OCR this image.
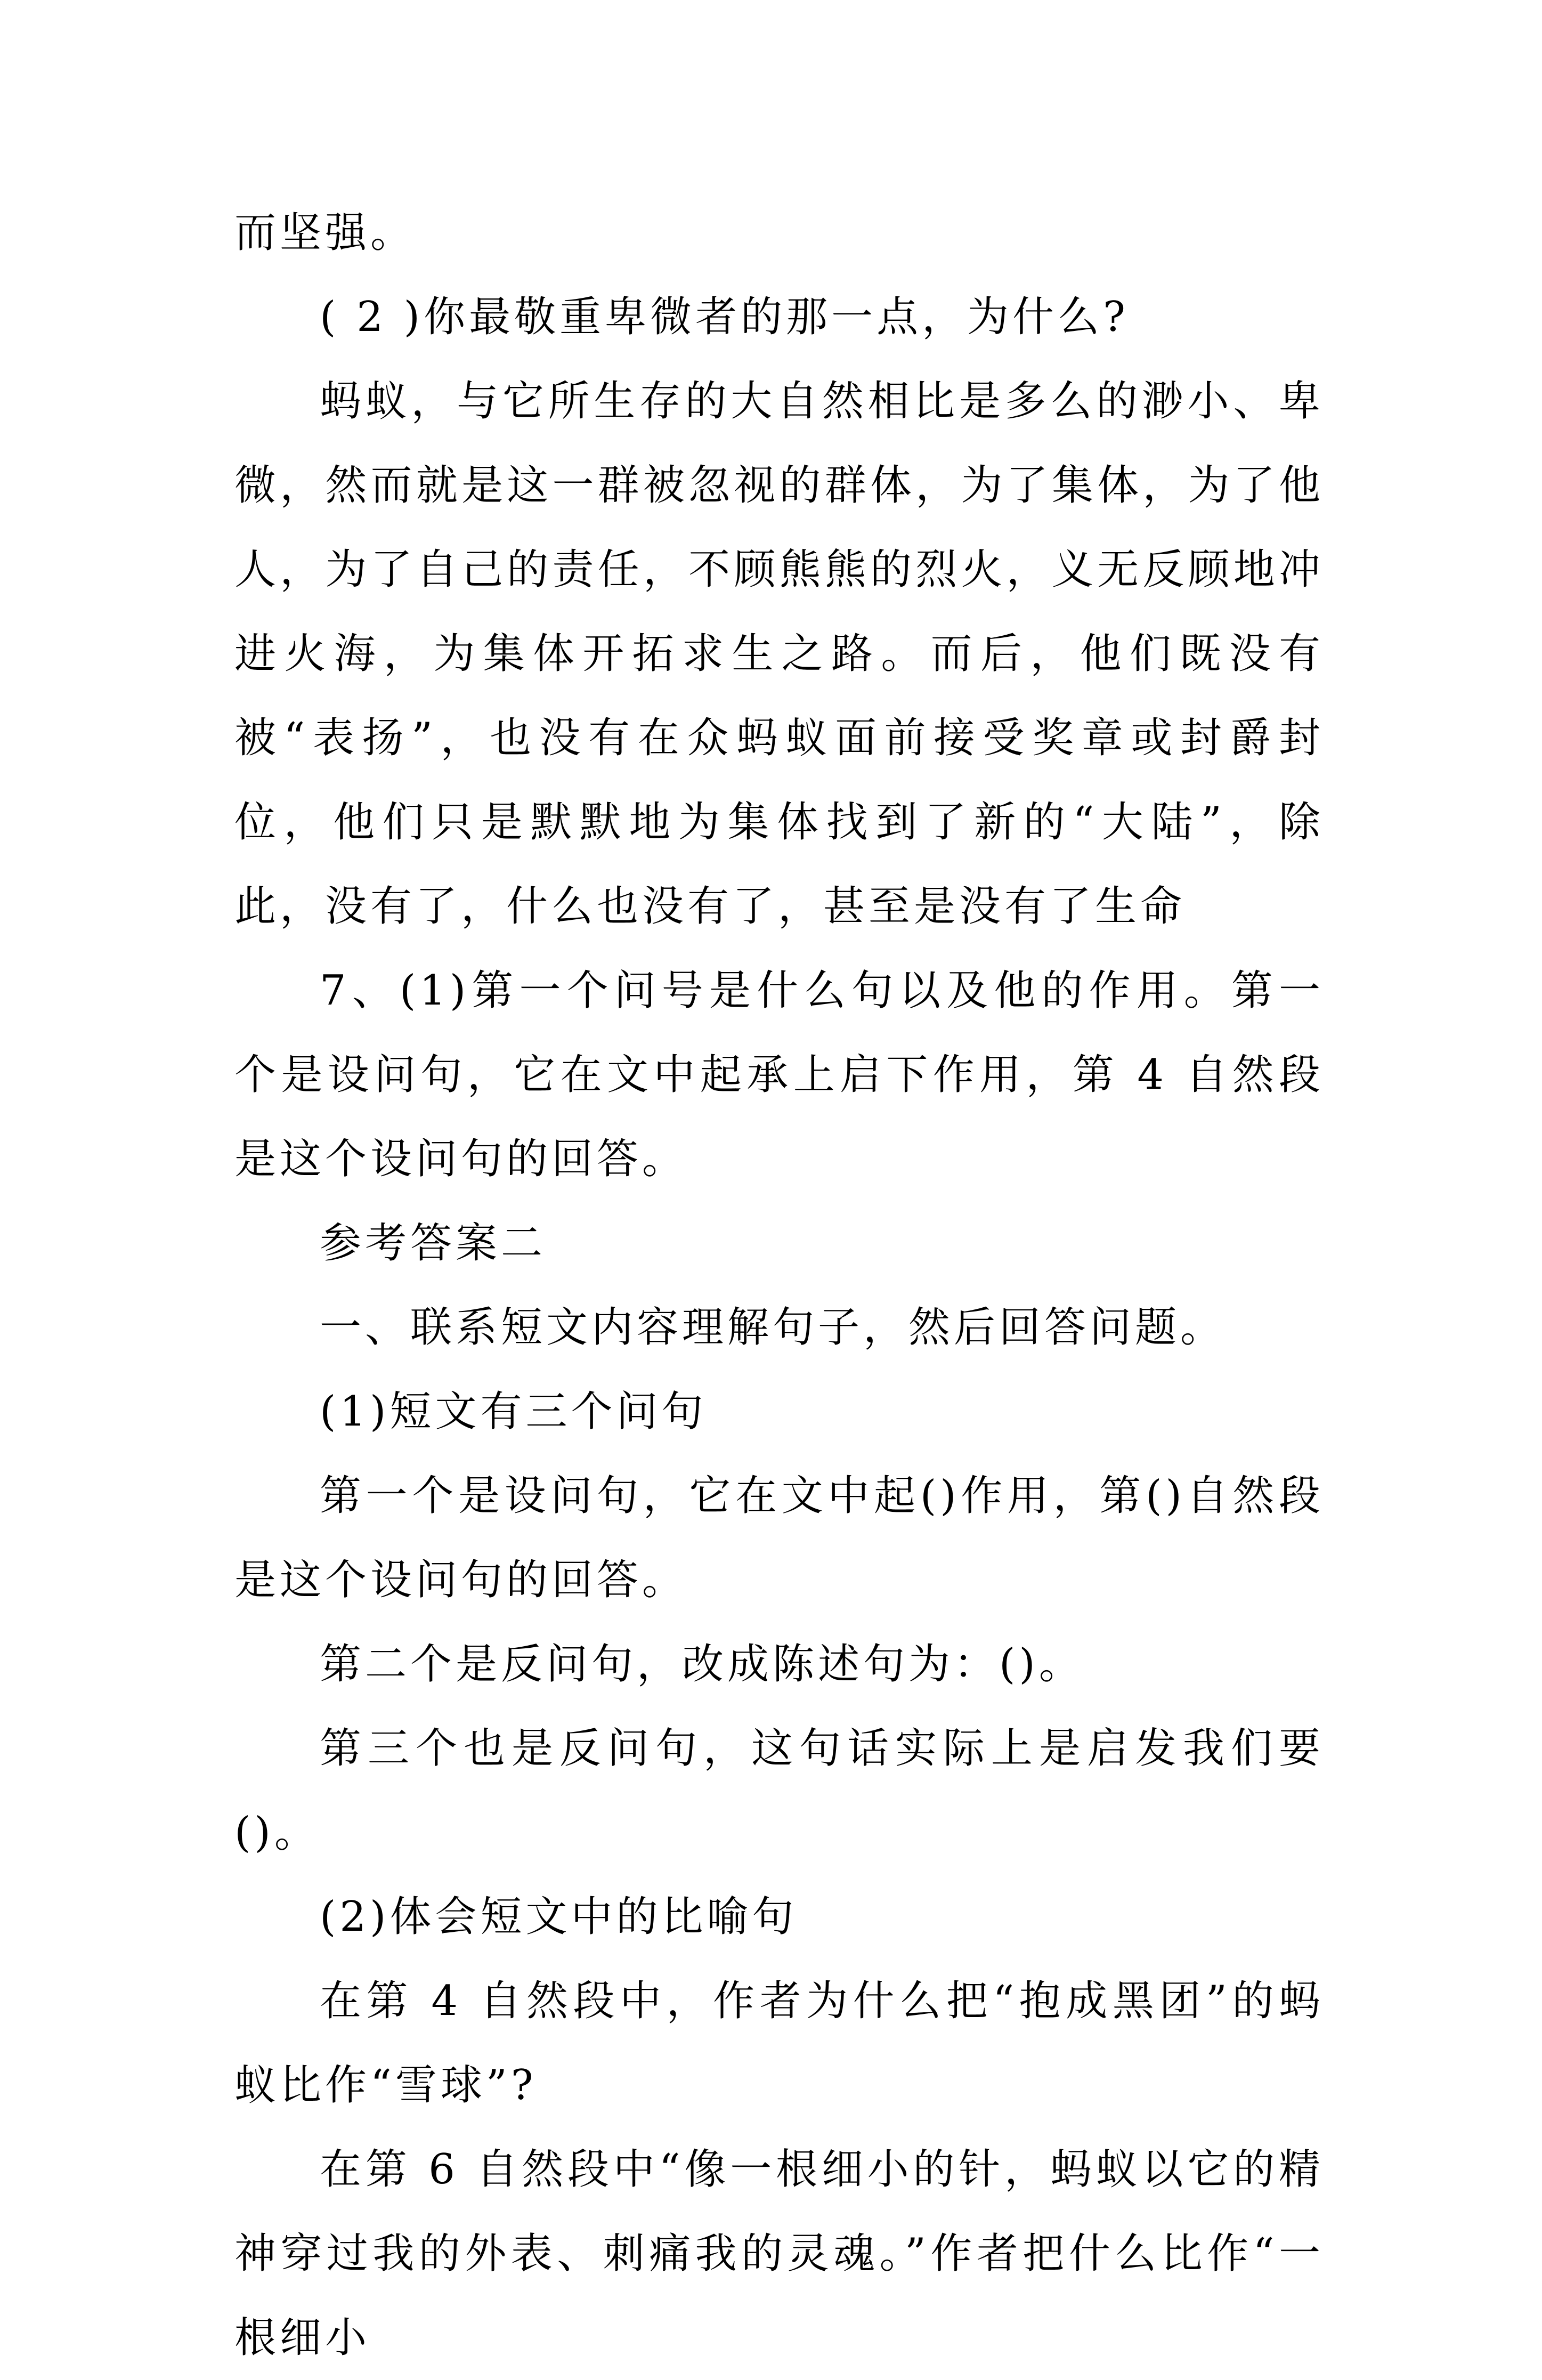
而坚强。

( 2 )你最敬重卑微者的那一点，为什么?

蚂蚁，与它所生存的大自然相比是多么的渺小、卑微，然而就是这一群被忽视的群体，为了集体，为了他人，为了自己的责任，不顾熊熊的烈火，义无反顾地冲进火海，为集体开拓求生之路。而后，他们既没有被“表扬”，也没有在众蚂蚁面前接受奖章或封爵封位，他们只是默默地为集体找到了新的“大陆”，除此，没有了，什么也没有了，甚至是没有了生命

7、(1)第一个问号是什么句以及他的作用。第一个是设问句，它在文中起承上启下作用，第 4 自然段是这个设问句的回答。

参考答案二

一、联系短文内容理解句子，然后回答问题。

(1)短文有三个问句

第一个是设问句，它在文中起()作用，第()自然段是这个设问句的回答。

第二个是反问句，改成陈述句为：()。

第三个也是反问句，这句话实际上是启发我们要()。

(2)体会短文中的比喻句

在第 4 自然段中，作者为什么把“抱成黑团”的蚂蚁比作“雪球”?

在第 6 自然段中“像一根细小的针，蚂蚁以它的精神穿过我的外表、刺痛我的灵魂。”作者把什么比作“一根细小
